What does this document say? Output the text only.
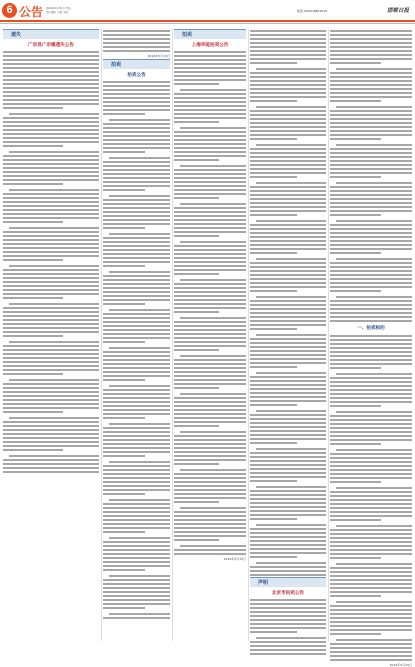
6 公告 2024年5月15日 星期三
责任编辑: 美编: 校对:	电话:(0310)6851515	邯郸日报
遗失
广宗县广宗镇遗失公告
2024年5月15日
拍卖
拍卖公告
拍卖
上海华能拍卖公告
2024年5月15日
声明
北京市拍卖公告
一、拍卖标的
2024年5月15日
